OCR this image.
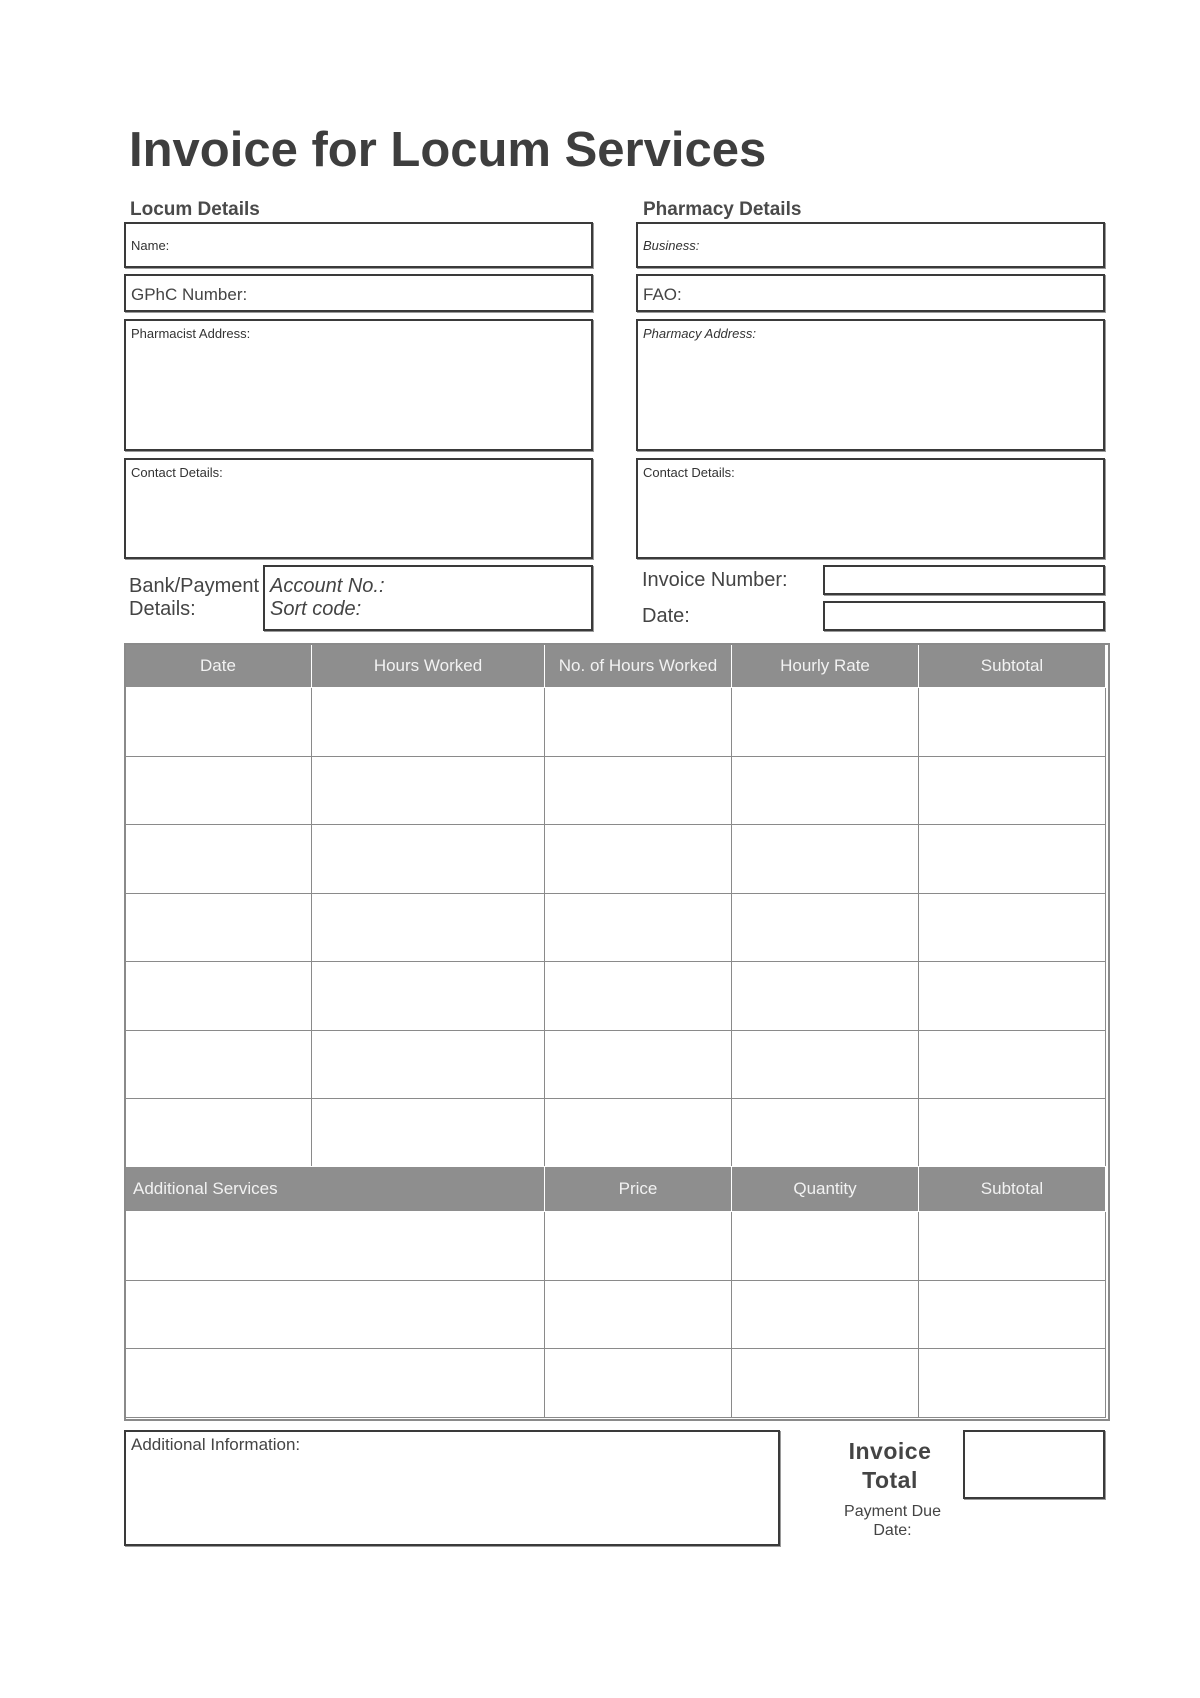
Invoice for Locum Services
Locum Details	Pharmacy Details
Name:
GPhC Number:
Pharmacist Address:
Contact Details:
Business:
FAO:
Pharmacy Address:
Contact Details:
Bank/Payment
Details:
Account No.:
Sort code:
Invoice Number:
Date:
Date	Hours Worked	No. of Hours Worked	Hourly Rate	Subtotal

Additional Services	Price	Quantity	Subtotal

Additional Information:	Invoice
Total
Payment Due
Date:
